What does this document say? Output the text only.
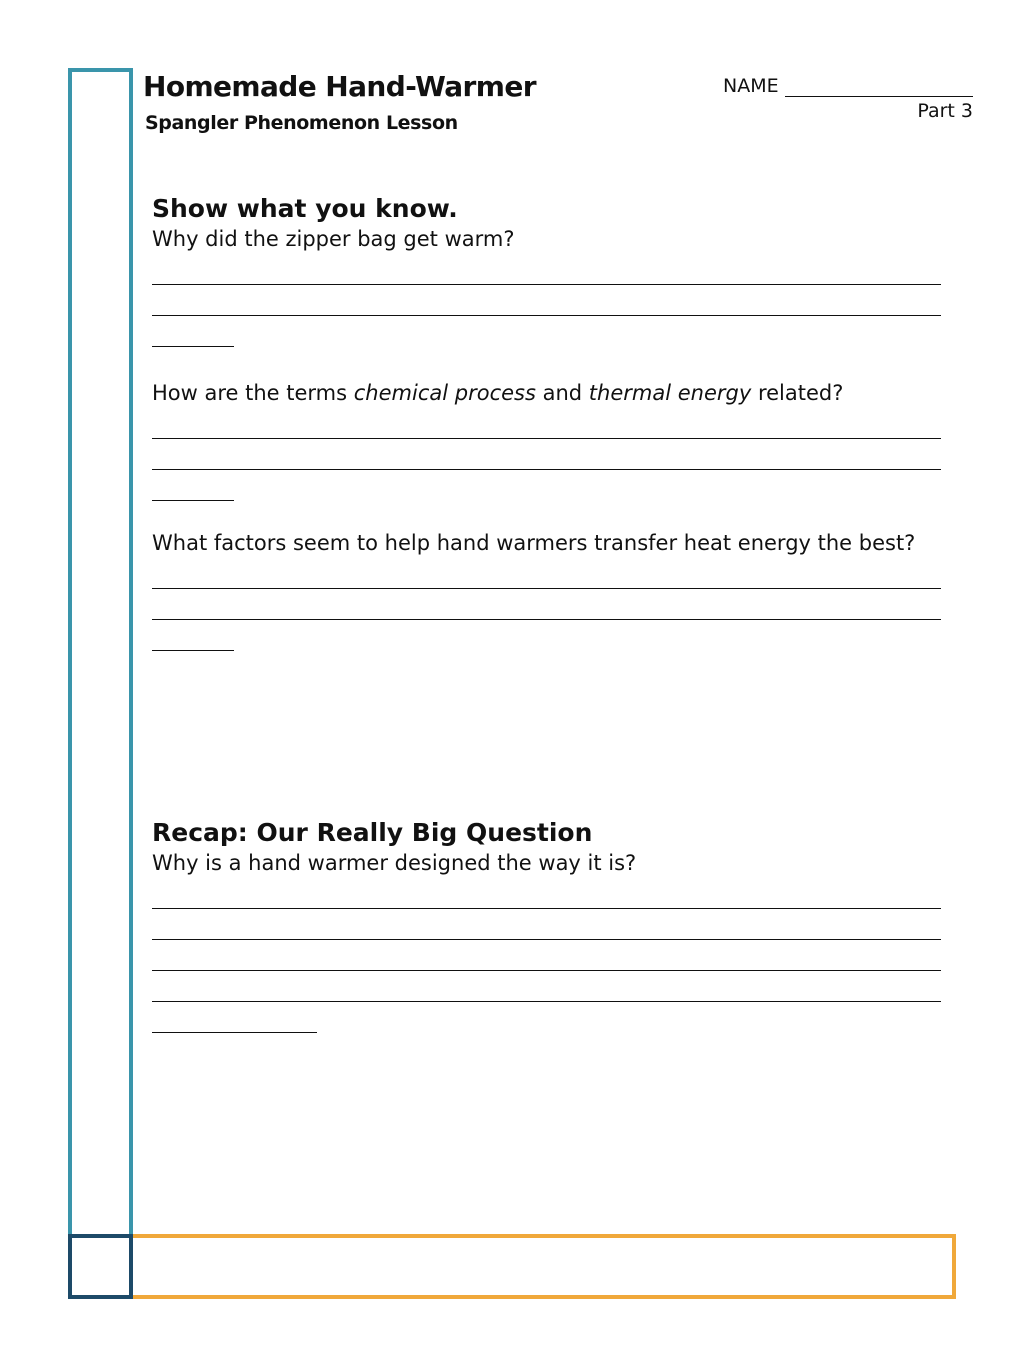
Homemade Hand-Warmer
Spangler Phenomenon Lesson
NAME
Part 3
Show what you know.

Why did the zipper bag get warm?

How are the terms chemical process and thermal energy related?

What factors seem to help hand warmers transfer heat energy the best?

Recap: Our Really Big Question

Why is a hand warmer designed the way it is?
